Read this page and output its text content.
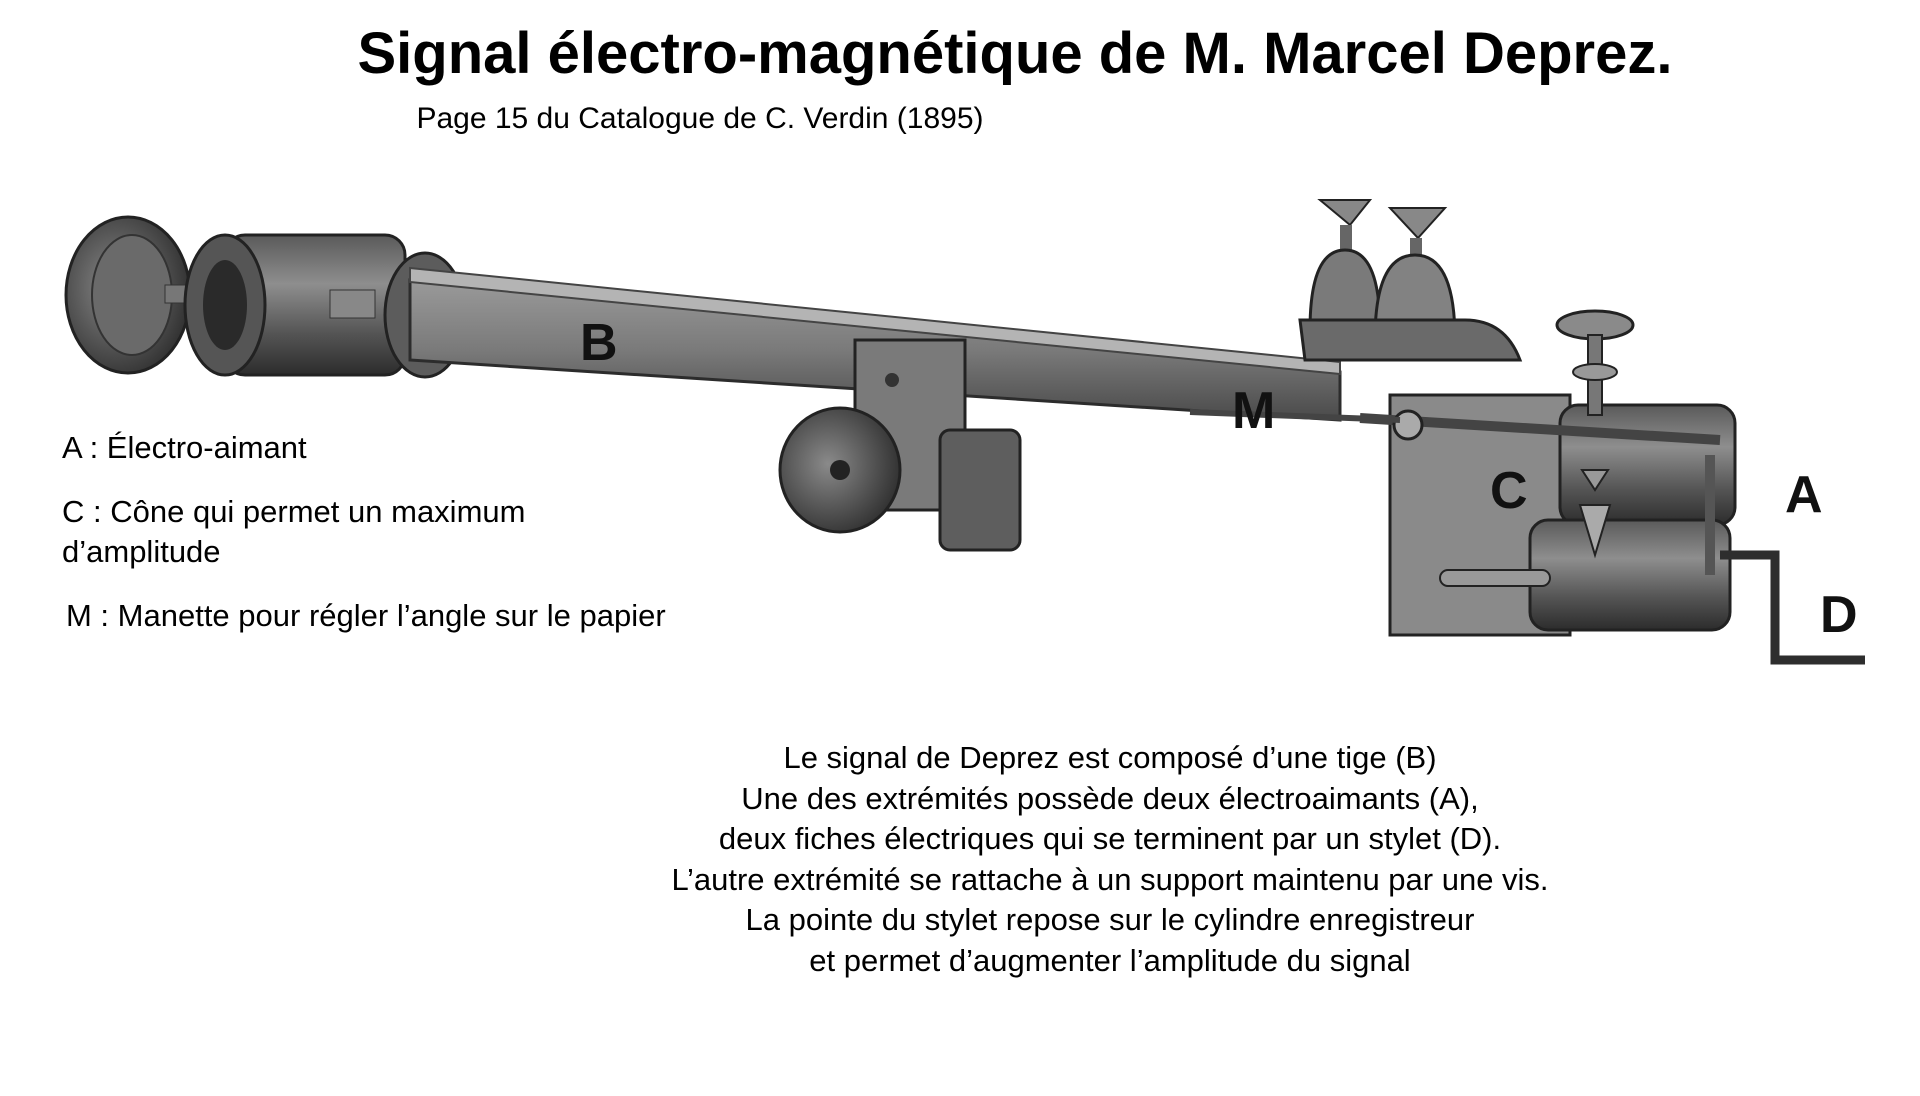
Signal électro-magnétique de M. Marcel Deprez.
Page 15 du Catalogue de C. Verdin (1895)
B
M
C	A
D
A : Électro-aimant
C : Cône qui permet un maximum d’amplitude
M : Manette pour régler l’angle sur le papier
Le signal de Deprez est composé d’une tige (B)
Une des extrémités possède deux électroaimants (A),
deux fiches électriques qui se terminent par un stylet (D).
L’autre extrémité se rattache à un support maintenu par une vis.
La pointe du stylet repose sur le cylindre enregistreur
et permet d’augmenter l’amplitude du signal
